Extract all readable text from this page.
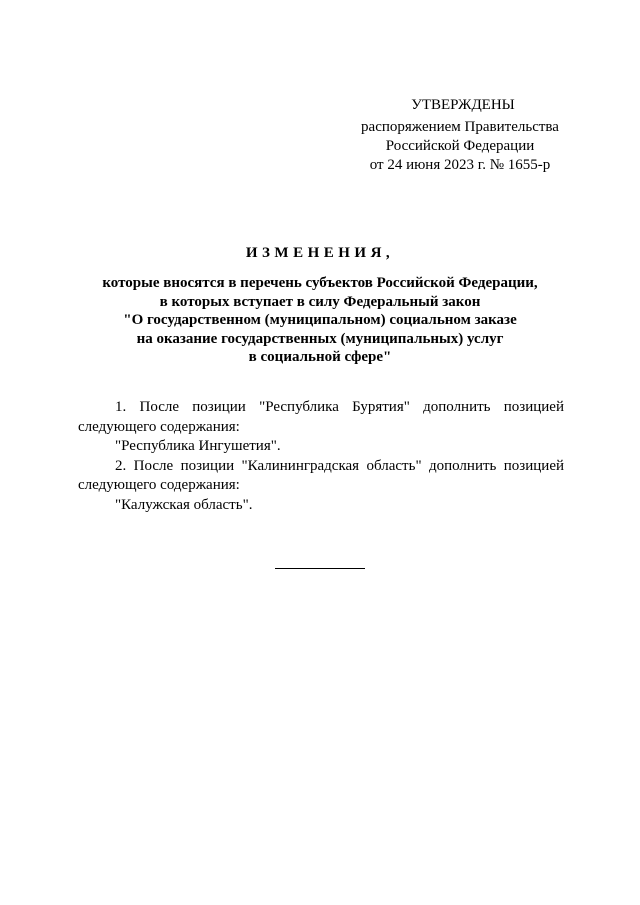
УТВЕРЖДЕНЫ
распоряжением Правительства
Российской Федерации
от 24 июня 2023 г. № 1655-р
ИЗМЕНЕНИЯ,
которые вносятся в перечень субъектов Российской Федерации,
в которых вступает в силу Федеральный закон
"О государственном (муниципальном) социальном заказе
на оказание государственных (муниципальных) услуг
в социальной сфере"
1. После позиции "Республика Бурятия" дополнить позицией
следующего содержания:
"Республика Ингушетия".
2. После позиции "Калининградская область" дополнить позицией
следующего содержания:
"Калужская область".
